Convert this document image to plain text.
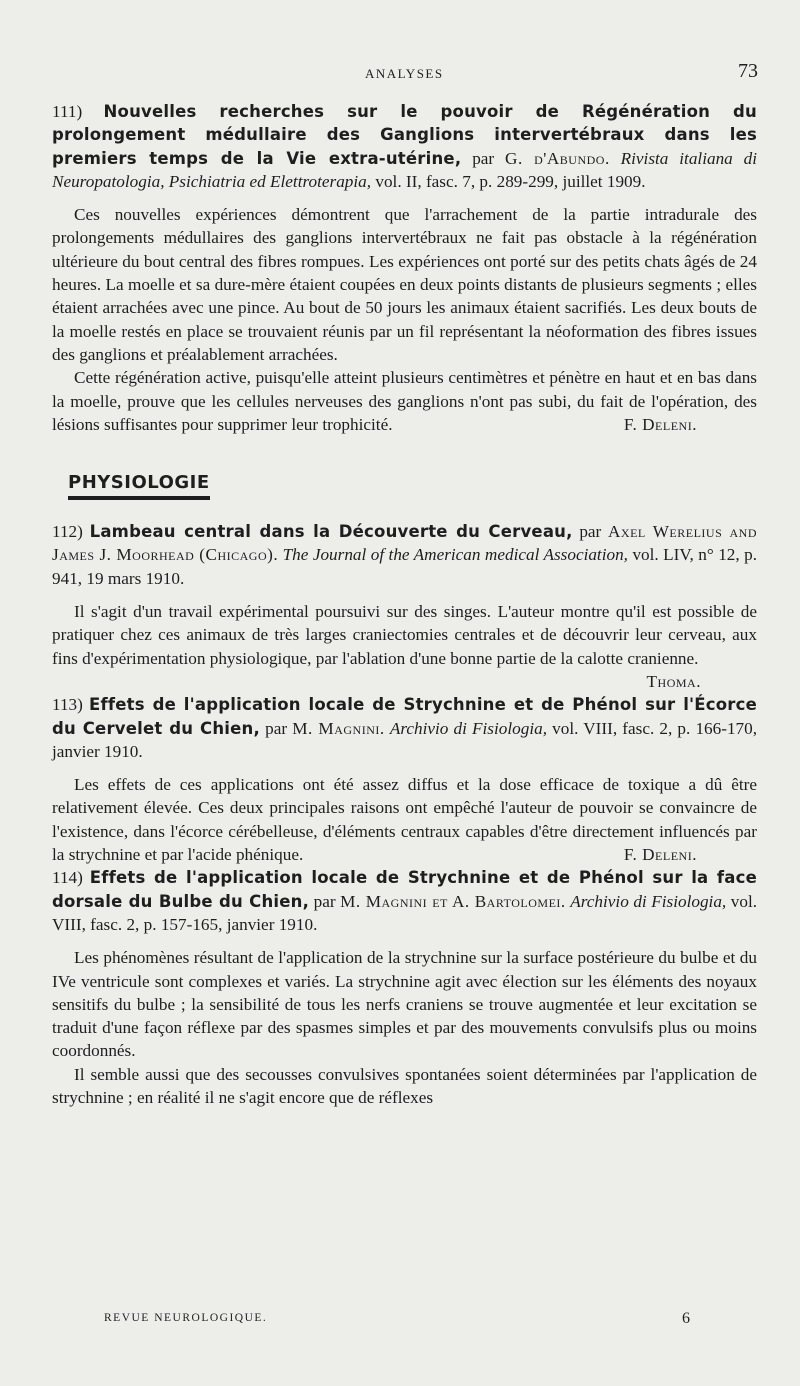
ANALYSES	73

111) Nouvelles recherches sur le pouvoir de Régénération du prolongement médullaire des Ganglions intervertébraux dans les premiers temps de la Vie extra-utérine, par G. d'Abundo. Rivista italiana di Neuropatologia, Psichiatria ed Elettroterapia, vol. II, fasc. 7, p. 289-299, juillet 1909.

Ces nouvelles expériences démontrent que l'arrachement de la partie intradurale des prolongements médullaires des ganglions intervertébraux ne fait pas obstacle à la régénération ultérieure du bout central des fibres rompues. Les expériences ont porté sur des petits chats âgés de 24 heures. La moelle et sa dure-mère étaient coupées en deux points distants de plusieurs segments ; elles étaient arrachées avec une pince. Au bout de 50 jours les animaux étaient sacrifiés. Les deux bouts de la moelle restés en place se trouvaient réunis par un fil représentant la néoformation des fibres issues des ganglions et préalablement arrachées.

Cette régénération active, puisqu'elle atteint plusieurs centimètres et pénètre en haut et en bas dans la moelle, prouve que les cellules nerveuses des ganglions n'ont pas subi, du fait de l'opération, des lésions suffisantes pour supprimer leur trophicité.	F. Deleni.

PHYSIOLOGIE

112) Lambeau central dans la Découverte du Cerveau, par Axel Werelius and James J. Moorhead (Chicago). The Journal of the American medical Association, vol. LIV, n° 12, p. 941, 19 mars 1910.

Il s'agit d'un travail expérimental poursuivi sur des singes. L'auteur montre qu'il est possible de pratiquer chez ces animaux de très larges craniectomies centrales et de découvrir leur cerveau, aux fins d'expérimentation physiologique, par l'ablation d'une bonne partie de la calotte cranienne.

Thoma.

113) Effets de l'application locale de Strychnine et de Phénol sur l'Écorce du Cervelet du Chien, par M. Magnini. Archivio di Fisiologia, vol. VIII, fasc. 2, p. 166-170, janvier 1910.

Les effets de ces applications ont été assez diffus et la dose efficace de toxique a dû être relativement élevée. Ces deux principales raisons ont empêché l'auteur de pouvoir se convaincre de l'existence, dans l'écorce cérébelleuse, d'éléments centraux capables d'être directement influencés par la strychnine et par l'acide phénique.	F. Deleni.

114) Effets de l'application locale de Strychnine et de Phénol sur la face dorsale du Bulbe du Chien, par M. Magnini et A. Bartolomei. Archivio di Fisiologia, vol. VIII, fasc. 2, p. 157-165, janvier 1910.

Les phénomènes résultant de l'application de la strychnine sur la surface postérieure du bulbe et du IVe ventricule sont complexes et variés. La strychnine agit avec élection sur les éléments des noyaux sensitifs du bulbe ; la sensibilité de tous les nerfs craniens se trouve augmentée et leur excitation se traduit d'une façon réflexe par des spasmes simples et par des mouvements convulsifs plus ou moins coordonnés.

Il semble aussi que des secousses convulsives spontanées soient déterminées par l'application de strychnine ; en réalité il ne s'agit encore que de réflexes

REVUE NEUROLOGIQUE.	6
